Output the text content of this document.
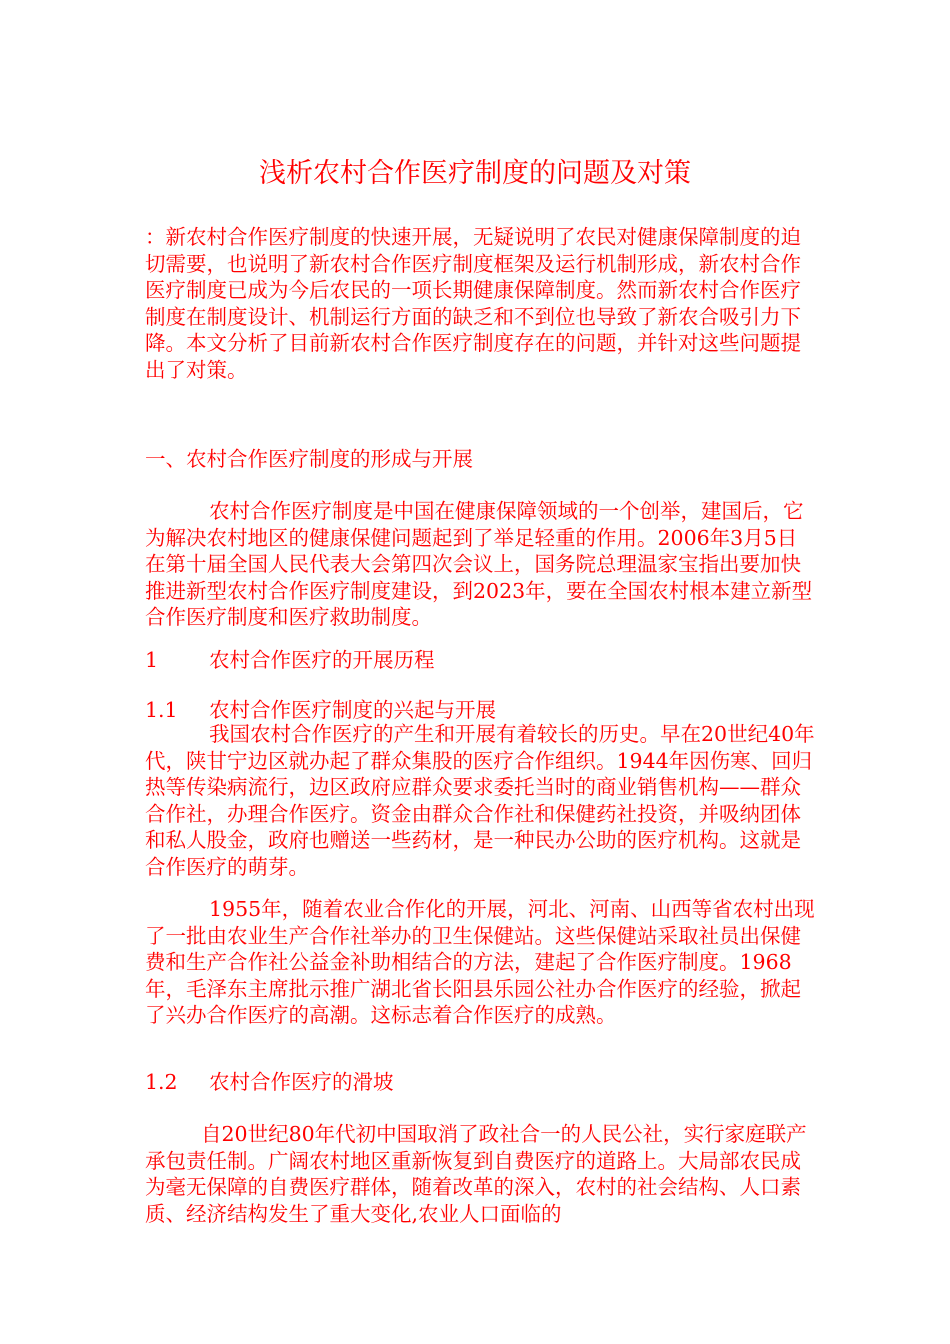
浅析农村合作医疗制度的问题及对策

：新农村合作医疗制度的快速开展，无疑说明了农民对健康保障制度的迫切需要，也说明了新农村合作医疗制度框架及运行机制形成，新农村合作医疗制度已成为今后农民的一项长期健康保障制度。然而新农村合作医疗制度在制度设计、机制运行方面的缺乏和不到位也导致了新农合吸引力下降。本文分析了目前新农村合作医疗制度存在的问题，并针对这些问题提出了对策。

一、农村合作医疗制度的形成与开展

农村合作医疗制度是中国在健康保障领域的一个创举，建国后，它为解决农村地区的健康保健问题起到了举足轻重的作用。2006年3月5日在第十届全国人民代表大会第四次会议上，国务院总理温家宝指出要加快推进新型农村合作医疗制度建设，到2023年，要在全国农村根本建立新型合作医疗制度和医疗救助制度。

1 农村合作医疗的开展历程
1.1 农村合作医疗制度的兴起与开展

我国农村合作医疗的产生和开展有着较长的历史。早在20世纪40年代，陕甘宁边区就办起了群众集股的医疗合作组织。1944年因伤寒、回归热等传染病流行，边区政府应群众要求委托当时的商业销售机构——群众合作社，办理合作医疗。资金由群众合作社和保健药社投资，并吸纳团体和私人股金，政府也赠送一些药材，是一种民办公助的医疗机构。这就是合作医疗的萌芽。

1955年，随着农业合作化的开展，河北、河南、山西等省农村出现了一批由农业生产合作社举办的卫生保健站。这些保健站采取社员出保健费和生产合作社公益金补助相结合的方法，建起了合作医疗制度。1968年，毛泽东主席批示推广湖北省长阳县乐园公社办合作医疗的经验，掀起了兴办合作医疗的高潮。这标志着合作医疗的成熟。

1.2 农村合作医疗的滑坡

自20世纪80年代初中国取消了政社合一的人民公社，实行家庭联产承包责任制。广阔农村地区重新恢复到自费医疗的道路上。大局部农民成为毫无保障的自费医疗群体，随着改革的深入，农村的社会结构、人口素质、经济结构发生了重大变化,农业人口面临的
